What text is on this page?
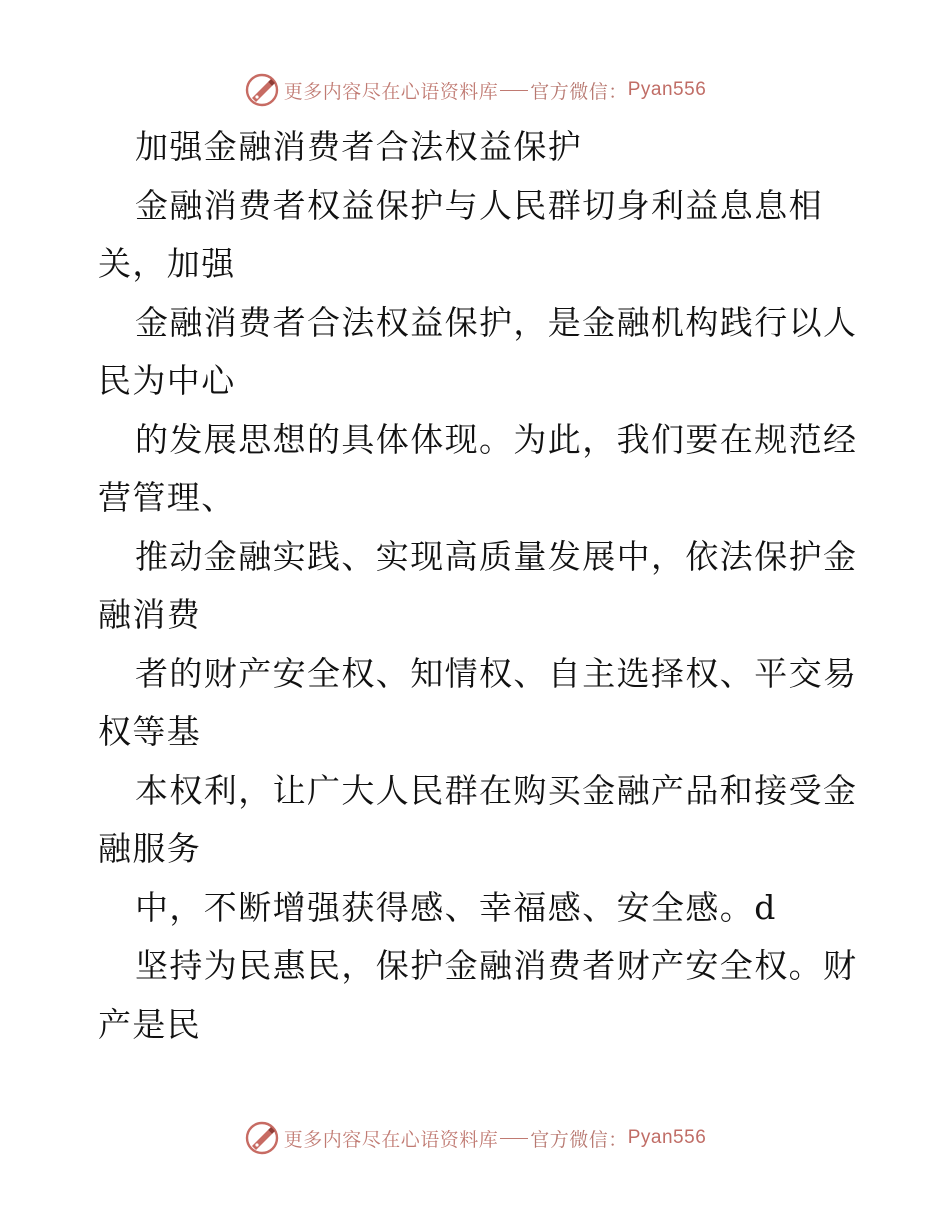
更多内容尽在心语资料库 官方微信： Pyan556
加强金融消费者合法权益保护
金融消费者权益保护与人民群切身利益息息相
关，加强
金融消费者合法权益保护，是金融机构践行以人
民为中心
的发展思想的具体体现。为此，我们要在规范经
营管理、
推动金融实践、实现高质量发展中，依法保护金
融消费
者的财产安全权、知情权、自主选择权、平交易
权等基
本权利，让广大人民群在购买金融产品和接受金
融服务
中，不断增强获得感、幸福感、安全感。d
坚持为民惠民，保护金融消费者财产安全权。财
产是民
更多内容尽在心语资料库 官方微信： Pyan556
